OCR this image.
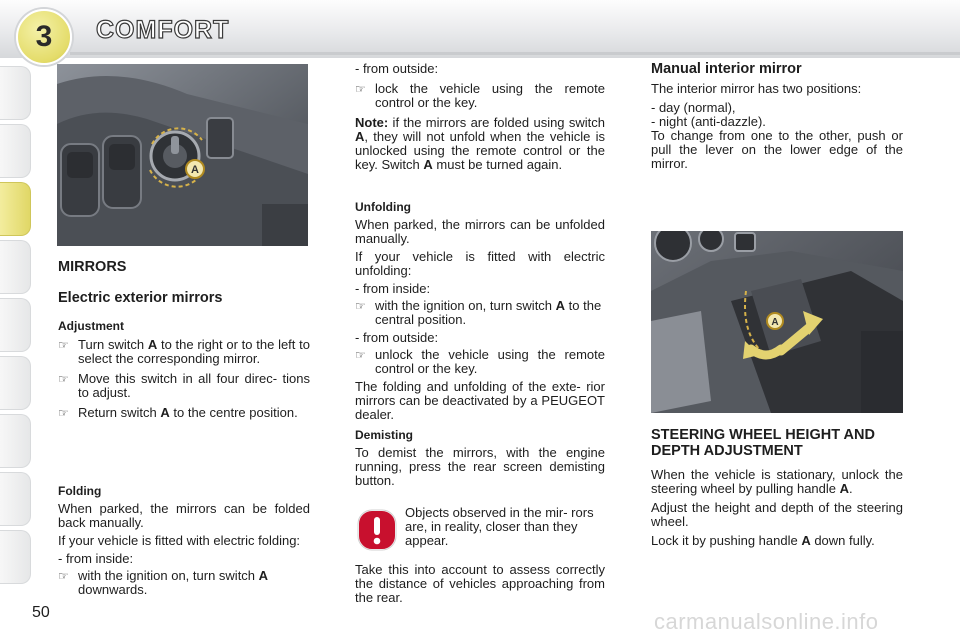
3 COMFORT
A
MIRRORS
Electric exterior mirrors
Adjustment
☞ Turn switch A to the right or to the left to select the corresponding mirror.
☞ Move this switch in all four direc- tions to adjust.
☞ Return switch A to the centre position.
Folding

When parked, the mirrors can be folded back manually.

If your vehicle is fitted with electric folding:

- from inside:
☞ with the ignition on, turn switch A downwards.
- from outside:
☞ lock the vehicle using the remote control or the key.

Note: if the mirrors are folded using switch A, they will not unfold when the vehicle is unlocked using the remote control or the key. Switch A must be turned again.

Unfolding

When parked, the mirrors can be unfolded manually.

If your vehicle is fitted with electric unfolding:

- from inside:
☞ with the ignition on, turn switch A to the central position.
- from outside:
☞ unlock the vehicle using the remote control or the key.

The folding and unfolding of the exte- rior mirrors can be deactivated by a PEUGEOT dealer.

Demisting

To demist the mirrors, with the engine running, press the rear screen demisting button.

Objects observed in the mir- rors are, in reality, closer than they appear.
Take this into account to assess correctly the distance of vehicles approaching from the rear.
Manual interior mirror

The interior mirror has two positions:

- day (normal),
- night (anti-dazzle).

To change from one to the other, push or pull the lever on the lower edge of the mirror.

A
STEERING WHEEL HEIGHT AND DEPTH ADJUSTMENT

When the vehicle is stationary, unlock the steering wheel by pulling handle A.

Adjust the height and depth of the steering wheel.

Lock it by pushing handle A down fully.

50	carmanualsonline.info
